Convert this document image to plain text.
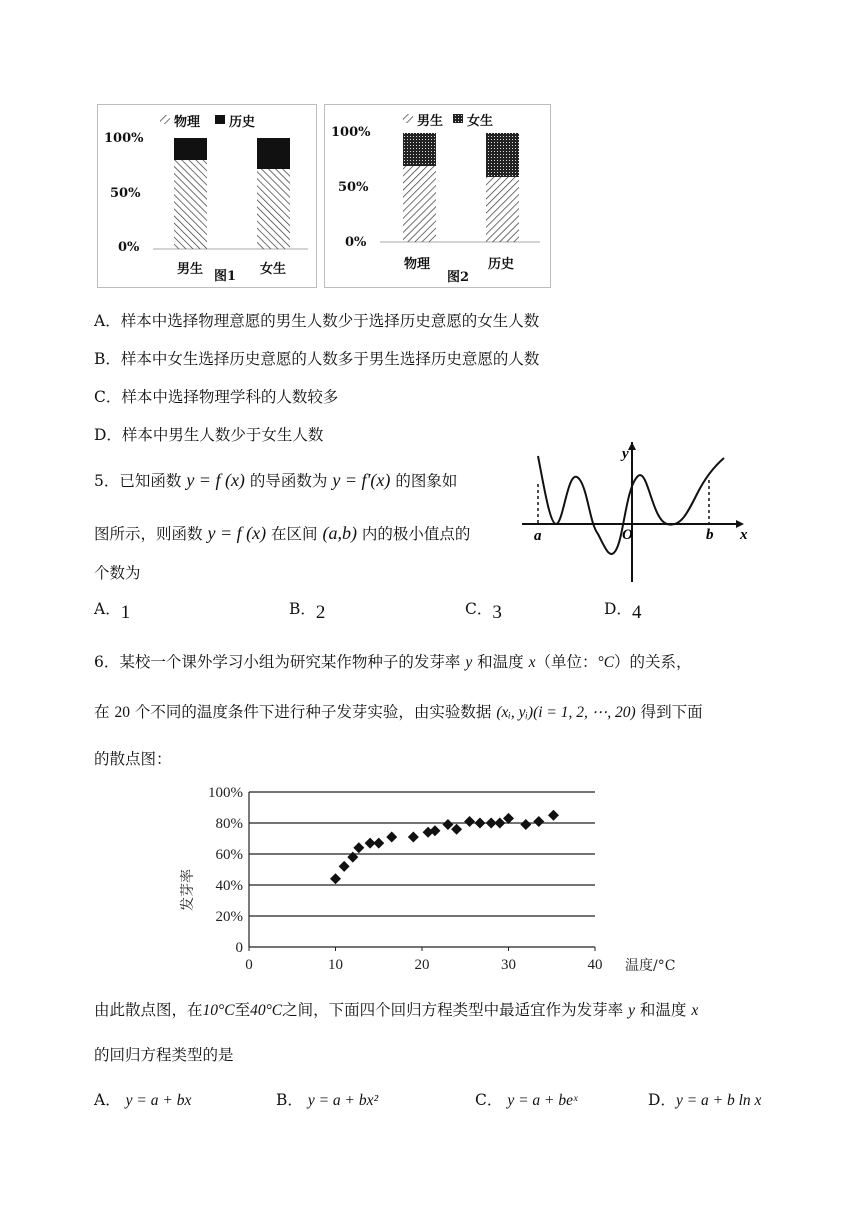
物理 历史
100%
50%
0%
男生	女生
图1
男生 女生
100%
50%
0%
物理	历史
图2
A．样本中选择物理意愿的男生人数少于选择历史意愿的女生人数
B．样本中女生选择历史意愿的人数多于男生选择历史意愿的人数
C．样本中选择物理学科的人数较多
D．样本中男生人数少于女生人数
5．已知函数 y = f (x) 的导函数为 y = f′(x) 的图象如
图所示，则函数 y = f (x) 在区间 (a,b) 内的极小值点的
个数为
y
x
O
a	b
A．1	B．2	C．3	D．4
6．某校一个课外学习小组为研究某作物种子的发芽率 y 和温度 x（单位：°C）的关系，
在 20 个不同的温度条件下进行种子发芽实验，由实验数据 (xᵢ, yᵢ)(i = 1, 2, ⋯, 20) 得到下面
的散点图：
100%
80%
60%
40%
20%
0
0	10	20	30	40 温度/°C
发芽率
由此散点图，在10°C至40°C之间，下面四个回归方程类型中最适宜作为发芽率 y 和温度 x
的回归方程类型的是
A． y = a + bx	B． y = a + bx²	C． y = a + beˣ	D．y = a + b ln x
